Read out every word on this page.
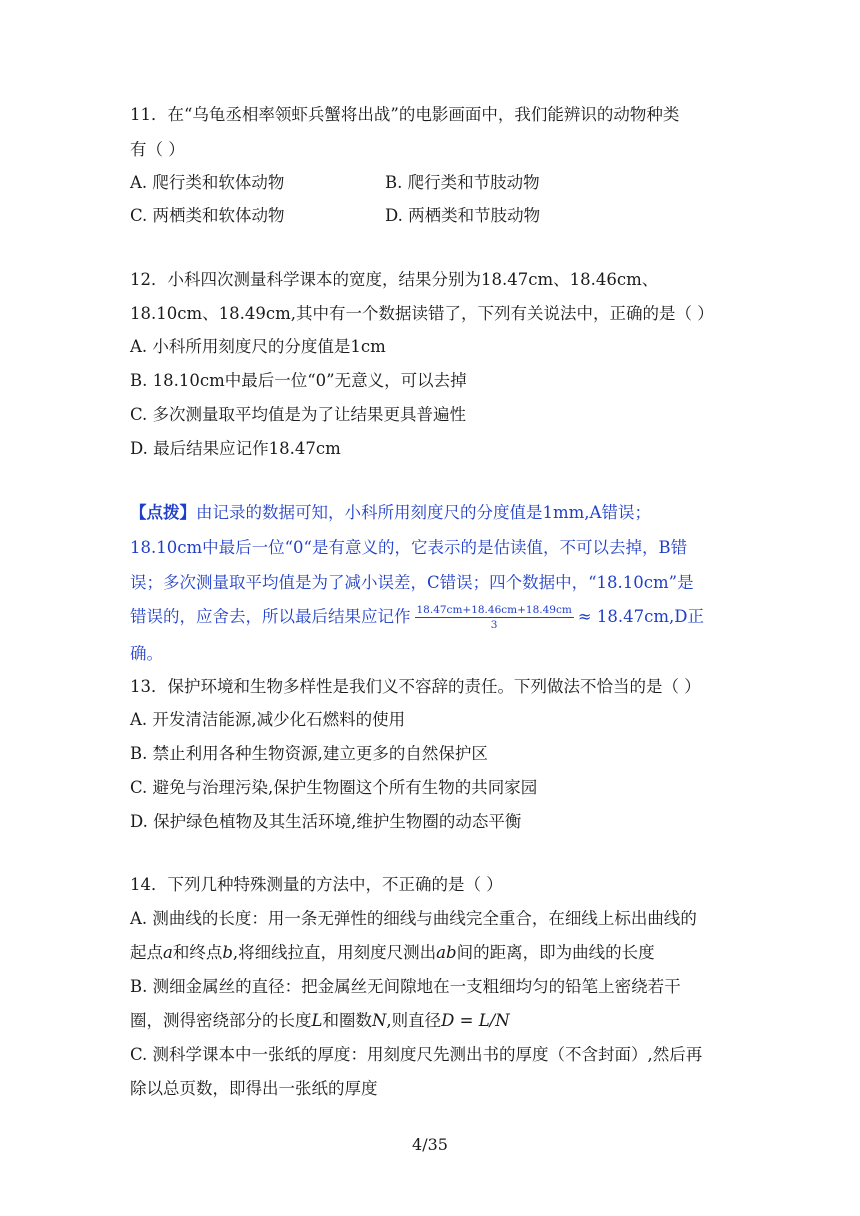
11．在“乌龟丞相率领虾兵蟹将出战”的电影画面中，我们能辨识的动物种类
有（ ）
A. 爬行类和软体动物	B. 爬行类和节肢动物
C. 两栖类和软体动物	D. 两栖类和节肢动物
12．小科四次测量科学课本的宽度，结果分别为18.47cm、18.46cm、
18.10cm、18.49cm,其中有一个数据读错了，下列有关说法中，正确的是（ ）
A. 小科所用刻度尺的分度值是1cm
B. 18.10cm中最后一位“0”无意义，可以去掉
C. 多次测量取平均值是为了让结果更具普遍性
D. 最后结果应记作18.47cm
【点拨】由记录的数据可知，小科所用刻度尺的分度值是1mm,A错误；
18.10cm中最后一位“0“是有意义的，它表示的是估读值，不可以去掉，B错
误；多次测量取平均值是为了减小误差，C错误；四个数据中，“18.10cm”是
错误的，应舍去，所以最后结果应记作 $\frac{18.47cm+18.46cm+18.49cm}{3} \approx 18.47cm,D$正
确。
13．保护环境和生物多样性是我们义不容辞的责任。下列做法不恰当的是（ ）
A. 开发清洁能源,减少化石燃料的使用
B. 禁止利用各种生物资源,建立更多的自然保护区
C. 避免与治理污染,保护生物圈这个所有生物的共同家园
D. 保护绿色植物及其生活环境,维护生物圈的动态平衡
14．下列几种特殊测量的方法中，不正确的是（ ）
A. 测曲线的长度：用一条无弹性的细线与曲线完全重合，在细线上标出曲线的
起点a和终点b,将细线拉直，用刻度尺测出ab间的距离，即为曲线的长度
B. 测细金属丝的直径：把金属丝无间隙地在一支粗细均匀的铅笔上密绕若干
圈，测得密绕部分的长度L和圈数N,则直径D = L/N
C. 测科学课本中一张纸的厚度：用刻度尺先测出书的厚度（不含封面）,然后再
除以总页数，即得出一张纸的厚度
4/35
